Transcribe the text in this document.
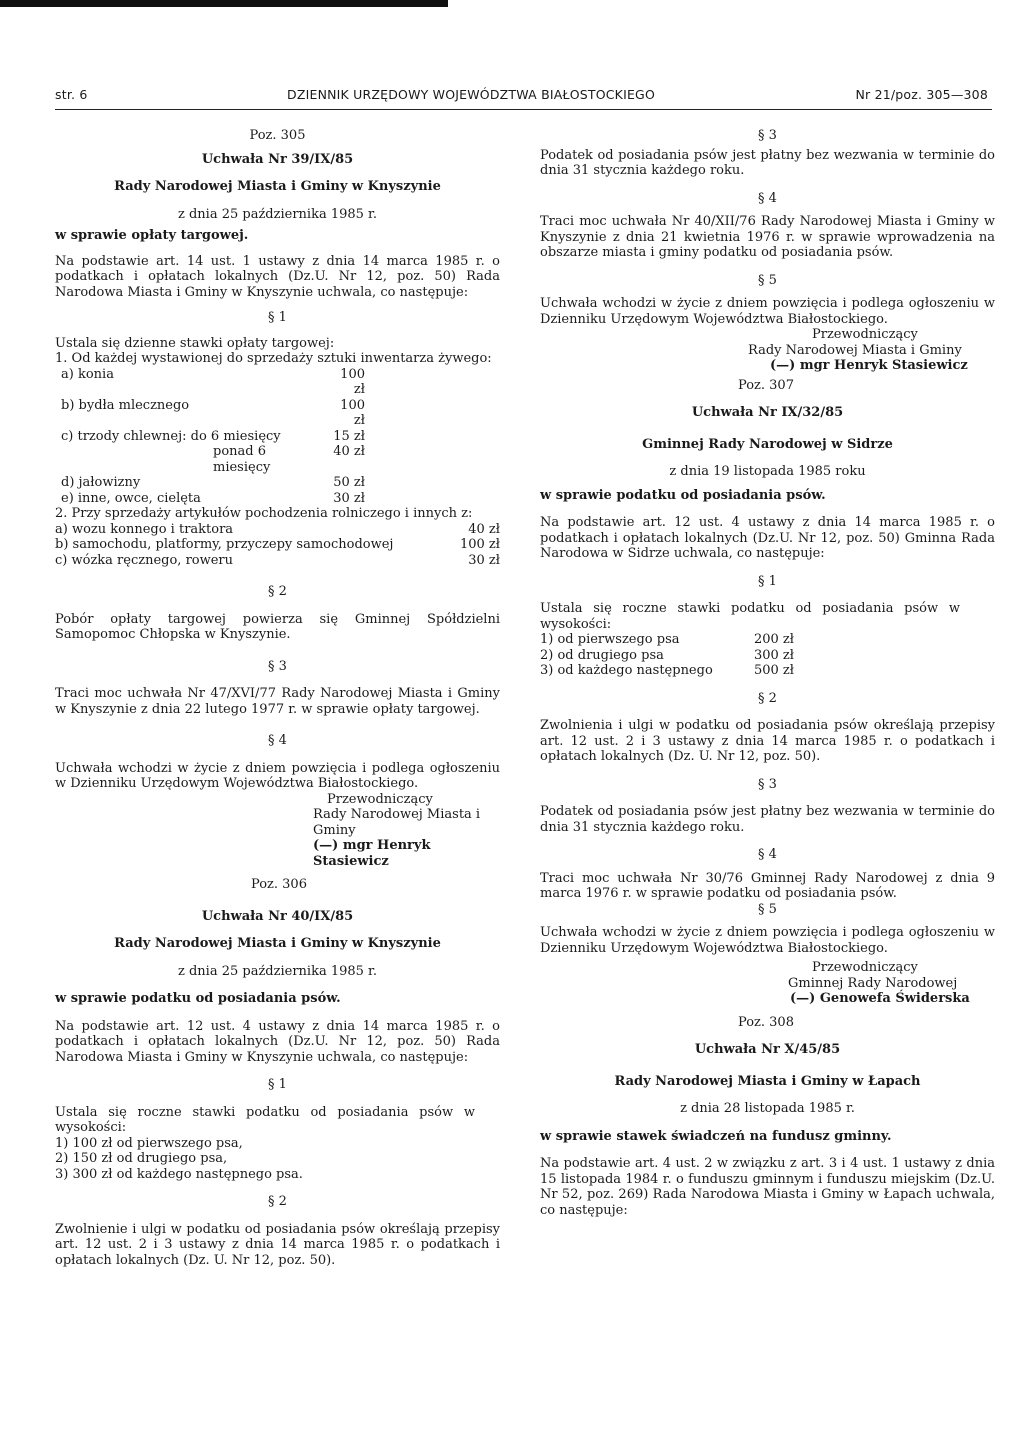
str. 6	DZIENNIK URZĘDOWY WOJEWÓDZTWA BIAŁOSTOCKIEGO	Nr 21/poz. 305—308

Poz. 305

Uchwała Nr 39/IX/85

Rady Narodowej Miasta i Gminy w Knyszynie

z dnia 25 października 1985 r.

w sprawie opłaty targowej.

Na podstawie art. 14 ust. 1 ustawy z dnia 14 marca 1985 r. o podatkach i opłatach lokalnych (Dz.U. Nr 12, poz. 50) Rada Narodowa Miasta i Gminy w Knyszynie uchwala, co następuje:

§ 1

Ustala się dzienne stawki opłaty targowej:

1. Od każdej wystawionej do sprzedaży sztuki inwentarza żywego:

a) konia	100 zł
b) bydła mlecznego	100 zł
c) trzody chlewnej: do 6 miesięcy	15 zł
ponad 6 miesięcy	40 zł
d) jałowizny	50 zł
e) inne, owce, cielęta	30 zł

2. Przy sprzedaży artykułów pochodzenia rolniczego i innych z:

a) wozu konnego i traktora	40 zł
b) samochodu, platformy, przyczepy samochodowej	100 zł
c) wózka ręcznego, roweru	30 zł

§ 2

Pobór opłaty targowej powierza się Gminnej Spółdzielni Samopomoc Chłopska w Knyszynie.

§ 3

Traci moc uchwała Nr 47/XVI/77 Rady Narodowej Miasta i Gminy w Knyszynie z dnia 22 lutego 1977 r. w sprawie opłaty targowej.

§ 4

Uchwała wchodzi w życie z dniem powzięcia i podlega ogłoszeniu w Dzienniku Urzędowym Województwa Białostockiego.

Przewodniczący

Rady Narodowej Miasta i Gminy

(—) mgr Henryk Stasiewicz

Poz. 306

Uchwała Nr 40/IX/85

Rady Narodowej Miasta i Gminy w Knyszynie

z dnia 25 października 1985 r.

w sprawie podatku od posiadania psów.

Na podstawie art. 12 ust. 4 ustawy z dnia 14 marca 1985 r. o podatkach i opłatach lokalnych (Dz.U. Nr 12, poz. 50) Rada Narodowa Miasta i Gminy w Knyszynie uchwala, co następuje:

§ 1

Ustala się roczne stawki podatku od posiadania psów w wysokości:

1) 100 zł od pierwszego psa,

2) 150 zł od drugiego psa,

3) 300 zł od każdego następnego psa.

§ 2

Zwolnienie i ulgi w podatku od posiadania psów określają przepisy art. 12 ust. 2 i 3 ustawy z dnia 14 marca 1985 r. o podatkach i opłatach lokalnych (Dz. U. Nr 12, poz. 50).

§ 3

Podatek od posiadania psów jest płatny bez wezwania w terminie do dnia 31 stycznia każdego roku.

§ 4

Traci moc uchwała Nr 40/XII/76 Rady Narodowej Miasta i Gminy w Knyszynie z dnia 21 kwietnia 1976 r. w sprawie wprowadzenia na obszarze miasta i gminy podatku od posiadania psów.

§ 5

Uchwała wchodzi w życie z dniem powzięcia i podlega ogłoszeniu w Dzienniku Urzędowym Województwa Białostockiego.

Przewodniczący

Rady Narodowej Miasta i Gminy

(—) mgr Henryk Stasiewicz

Poz. 307

Uchwała Nr IX/32/85

Gminnej Rady Narodowej w Sidrze

z dnia 19 listopada 1985 roku

w sprawie podatku od posiadania psów.

Na podstawie art. 12 ust. 4 ustawy z dnia 14 marca 1985 r. o podatkach i opłatach lokalnych (Dz.U. Nr 12, poz. 50) Gminna Rada Narodowa w Sidrze uchwala, co następuje:

§ 1

Ustala się roczne stawki podatku od posiadania psów w wysokości:

1) od pierwszego psa	200 zł
2) od drugiego psa	300 zł
3) od każdego następnego	500 zł

§ 2

Zwolnienia i ulgi w podatku od posiadania psów określają przepisy art. 12 ust. 2 i 3 ustawy z dnia 14 marca 1985 r. o podatkach i opłatach lokalnych (Dz. U. Nr 12, poz. 50).

§ 3

Podatek od posiadania psów jest płatny bez wezwania w terminie do dnia 31 stycznia każdego roku.

§ 4

Traci moc uchwała Nr 30/76 Gminnej Rady Narodowej z dnia 9 marca 1976 r. w sprawie podatku od posiadania psów.

§ 5

Uchwała wchodzi w życie z dniem powzięcia i podlega ogłoszeniu w Dzienniku Urzędowym Województwa Białostockiego.

Przewodniczący

Gminnej Rady Narodowej

(—) Genowefa Świderska

Poz. 308

Uchwała Nr X/45/85

Rady Narodowej Miasta i Gminy w Łapach

z dnia 28 listopada 1985 r.

w sprawie stawek świadczeń na fundusz gminny.

Na podstawie art. 4 ust. 2 w związku z art. 3 i 4 ust. 1 ustawy z dnia 15 listopada 1984 r. o funduszu gminnym i funduszu miejskim (Dz.U. Nr 52, poz. 269) Rada Narodowa Miasta i Gminy w Łapach uchwala, co następuje:
